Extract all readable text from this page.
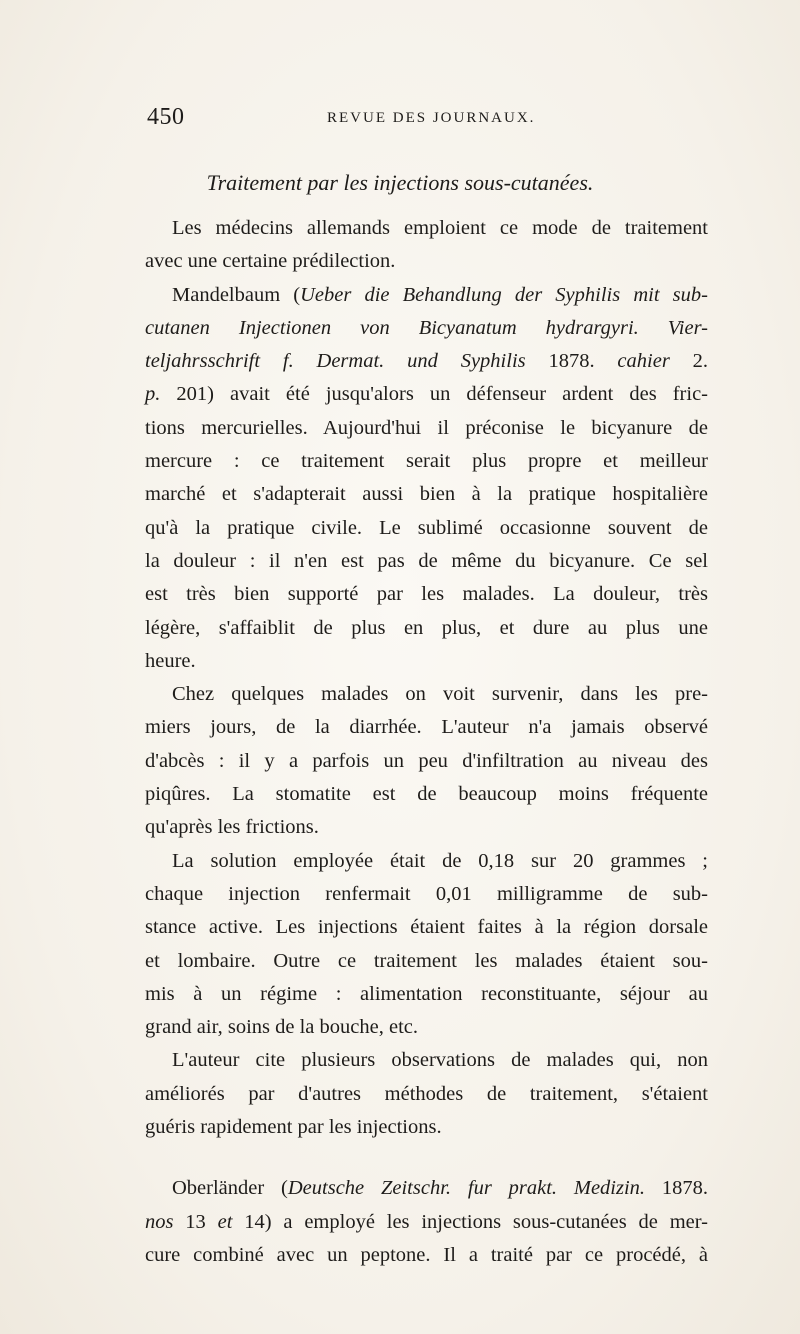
450	REVUE DES JOURNAUX.
Traitement par les injections sous-cutanées.
Les médecins allemands emploient ce mode de traitement
avec une certaine prédilection.
Mandelbaum (Ueber die Behandlung der Syphilis mit sub-
cutanen Injectionen von Bicyanatum hydrargyri. Vier-
teljahrsschrift f. Dermat. und Syphilis 1878. cahier 2.
p. 201) avait été jusqu'alors un défenseur ardent des fric-
tions mercurielles. Aujourd'hui il préconise le bicyanure de
mercure : ce traitement serait plus propre et meilleur
marché et s'adapterait aussi bien à la pratique hospitalière
qu'à la pratique civile. Le sublimé occasionne souvent de
la douleur : il n'en est pas de même du bicyanure. Ce sel
est très bien supporté par les malades. La douleur, très
légère, s'affaiblit de plus en plus, et dure au plus une
heure.
Chez quelques malades on voit survenir, dans les pre-
miers jours, de la diarrhée. L'auteur n'a jamais observé
d'abcès : il y a parfois un peu d'infiltration au niveau des
piqûres. La stomatite est de beaucoup moins fréquente
qu'après les frictions.
La solution employée était de 0,18 sur 20 grammes ;
chaque injection renfermait 0,01 milligramme de sub-
stance active. Les injections étaient faites à la région dorsale
et lombaire. Outre ce traitement les malades étaient sou-
mis à un régime : alimentation reconstituante, séjour au
grand air, soins de la bouche, etc.
L'auteur cite plusieurs observations de malades qui, non
améliorés par d'autres méthodes de traitement, s'étaient
guéris rapidement par les injections.
Oberländer (Deutsche Zeitschr. fur prakt. Medizin. 1878.
nos 13 et 14) a employé les injections sous-cutanées de mer-
cure combiné avec un peptone. Il a traité par ce procédé, à
